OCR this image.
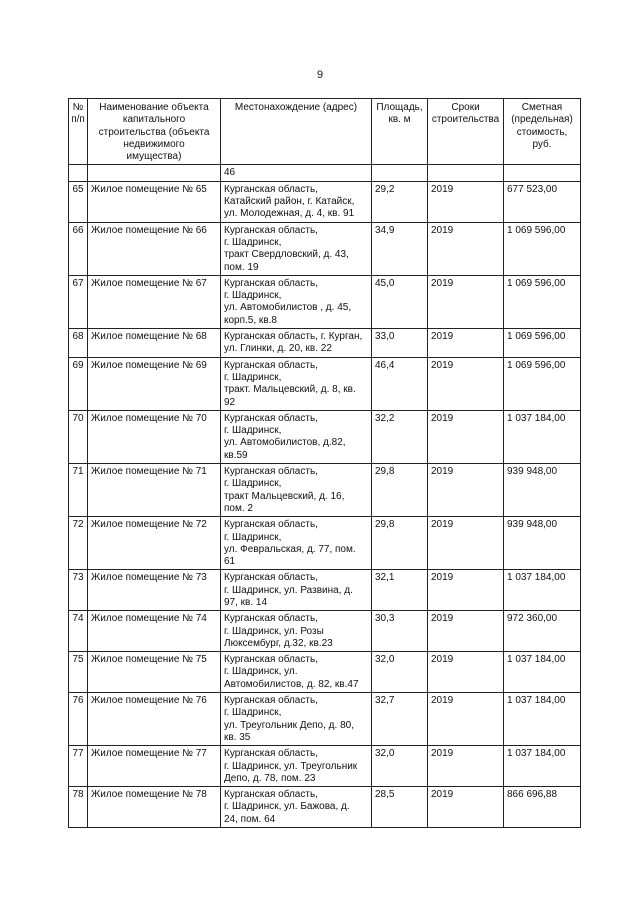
9
№
п/п	Наименование объекта
капитального
строительства (объекта
недвижимого
имущества)	Местонахождение (адрес)	Площадь,
кв. м	Сроки
строительства	Сметная
(предельная)
стоимость,
руб.
		46			
65	Жилое помещение № 65	Курганская область,
Катайский район, г. Катайск,
ул. Молодежная, д. 4, кв. 91	29,2	2019	677 523,00
66	Жилое помещение № 66	Курганская область,
г. Шадринск,
тракт Свердловский, д. 43,
пом. 19	34,9	2019	1 069 596,00
67	Жилое помещение № 67	Курганская область,
г. Шадринск,
ул. Автомобилистов , д. 45,
корп.5, кв.8	45,0	2019	1 069 596,00
68	Жилое помещение № 68	Курганская область, г. Курган,
ул. Глинки, д. 20, кв. 22	33,0	2019	1 069 596,00
69	Жилое помещение № 69	Курганская область,
г. Шадринск,
тракт. Мальцевский, д. 8, кв.
92	46,4	2019	1 069 596,00
70	Жилое помещение № 70	Курганская область,
г. Шадринск,
ул. Автомобилистов, д.82,
кв.59	32,2	2019	1 037 184,00
71	Жилое помещение № 71	Курганская область,
г. Шадринск,
тракт Мальцевский, д. 16,
пом. 2	29,8	2019	939 948,00
72	Жилое помещение № 72	Курганская область,
г. Шадринск,
ул. Февральская, д. 77, пом.
61	29,8	2019	939 948,00
73	Жилое помещение № 73	Курганская область,
г. Шадринск, ул. Развина, д.
97, кв. 14	32,1	2019	1 037 184,00
74	Жилое помещение № 74	Курганская область,
г. Шадринск, ул. Розы
Люксембург, д.32, кв.23	30,3	2019	972 360,00
75	Жилое помещение № 75	Курганская область,
г. Шадринск, ул.
Автомобилистов, д. 82, кв.47	32,0	2019	1 037 184,00
76	Жилое помещение № 76	Курганская область,
г. Шадринск,
ул. Треугольник Депо, д. 80,
кв. 35	32,7	2019	1 037 184,00
77	Жилое помещение № 77	Курганская область,
г. Шадринск, ул. Треугольник
Депо, д. 78, пом. 23	32,0	2019	1 037 184,00
78	Жилое помещение № 78	Курганская область,
г. Шадринск, ул. Бажова, д.
24, пом. 64	28,5	2019	866 696,88
